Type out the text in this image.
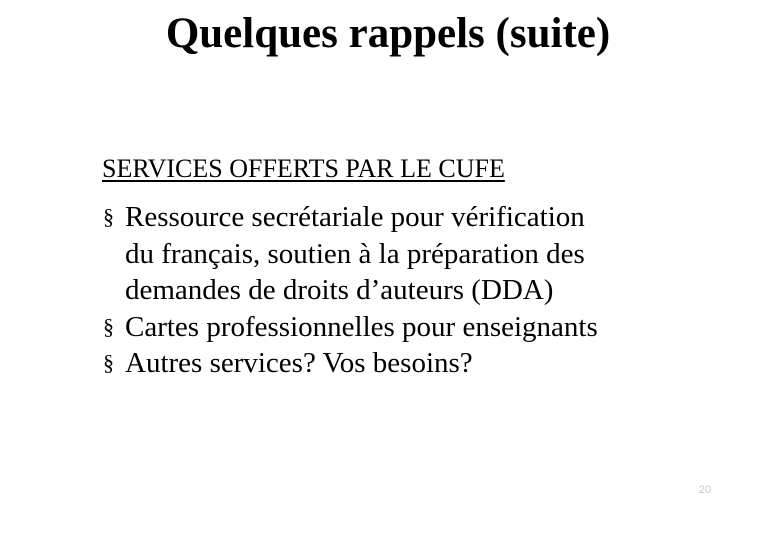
Quelques rappels (suite)
SERVICES OFFERTS PAR LE CUFE
§ Ressource secrétariale pour vérification
du français, soutien à la préparation des
demandes de droits d’auteurs (DDA)
§ Cartes professionnelles pour enseignants
§ Autres services? Vos besoins?
20
